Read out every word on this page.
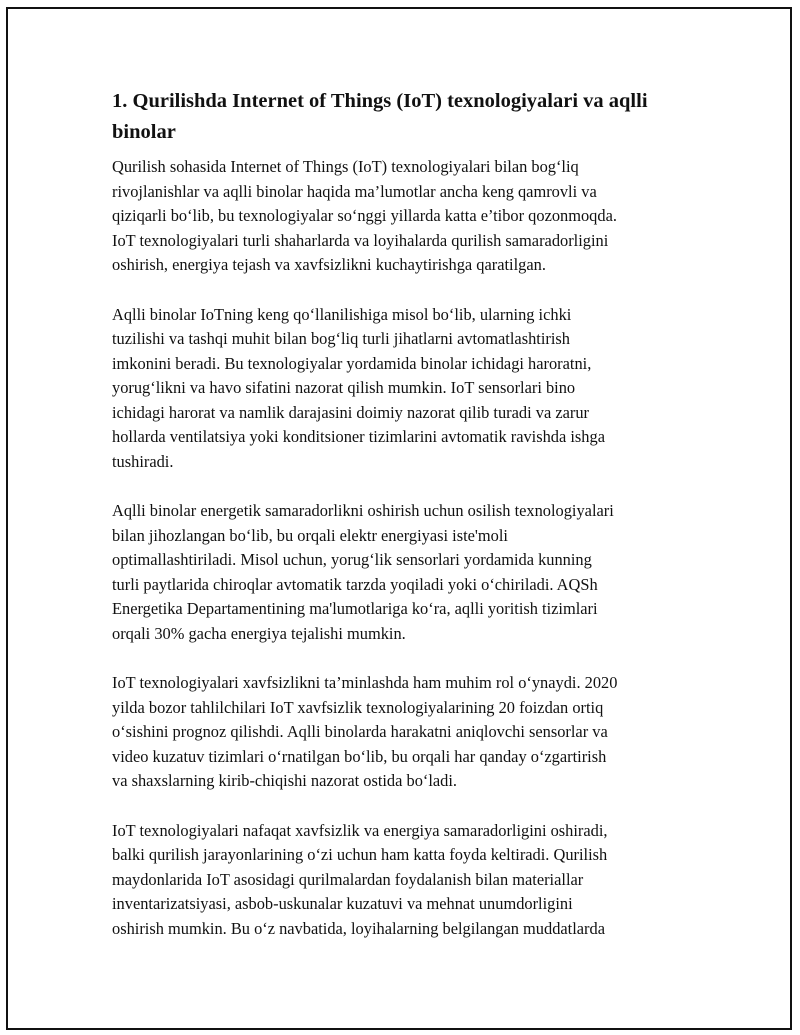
1. Qurilishda Internet of Things (IoT) texnologiyalari va aqlli
binolar

Qurilish sohasida Internet of Things (IoT) texnologiyalari bilan bog‘liq
rivojlanishlar va aqlli binolar haqida ma’lumotlar ancha keng qamrovli va
qiziqarli bo‘lib, bu texnologiyalar so‘nggi yillarda katta e’tibor qozonmoqda.
IoT texnologiyalari turli shaharlarda va loyihalarda qurilish samaradorligini
oshirish, energiya tejash va xavfsizlikni kuchaytirishga qaratilgan.

Aqlli binolar IoTning keng qo‘llanilishiga misol bo‘lib, ularning ichki
tuzilishi va tashqi muhit bilan bog‘liq turli jihatlarni avtomatlashtirish
imkonini beradi. Bu texnologiyalar yordamida binolar ichidagi haroratni,
yorug‘likni va havo sifatini nazorat qilish mumkin. IoT sensorlari bino
ichidagi harorat va namlik darajasini doimiy nazorat qilib turadi va zarur
hollarda ventilatsiya yoki konditsioner tizimlarini avtomatik ravishda ishga
tushiradi.

Aqlli binolar energetik samaradorlikni oshirish uchun osilish texnologiyalari
bilan jihozlangan bo‘lib, bu orqali elektr energiyasi iste'moli
optimallashtiriladi. Misol uchun, yorug‘lik sensorlari yordamida kunning
turli paytlarida chiroqlar avtomatik tarzda yoqiladi yoki o‘chiriladi. AQSh
Energetika Departamentining ma'lumotlariga ko‘ra, aqlli yoritish tizimlari
orqali 30% gacha energiya tejalishi mumkin.

IoT texnologiyalari xavfsizlikni ta’minlashda ham muhim rol o‘ynaydi. 2020
yilda bozor tahlilchilari IoT xavfsizlik texnologiyalarining 20 foizdan ortiq
o‘sishini prognoz qilishdi. Aqlli binolarda harakatni aniqlovchi sensorlar va
video kuzatuv tizimlari o‘rnatilgan bo‘lib, bu orqali har qanday o‘zgartirish
va shaxslarning kirib-chiqishi nazorat ostida bo‘ladi.

IoT texnologiyalari nafaqat xavfsizlik va energiya samaradorligini oshiradi,
balki qurilish jarayonlarining o‘zi uchun ham katta foyda keltiradi. Qurilish
maydonlarida IoT asosidagi qurilmalardan foydalanish bilan materiallar
inventarizatsiyasi, asbob-uskunalar kuzatuvi va mehnat unumdorligini
oshirish mumkin. Bu o‘z navbatida, loyihalarning belgilangan muddatlarda
